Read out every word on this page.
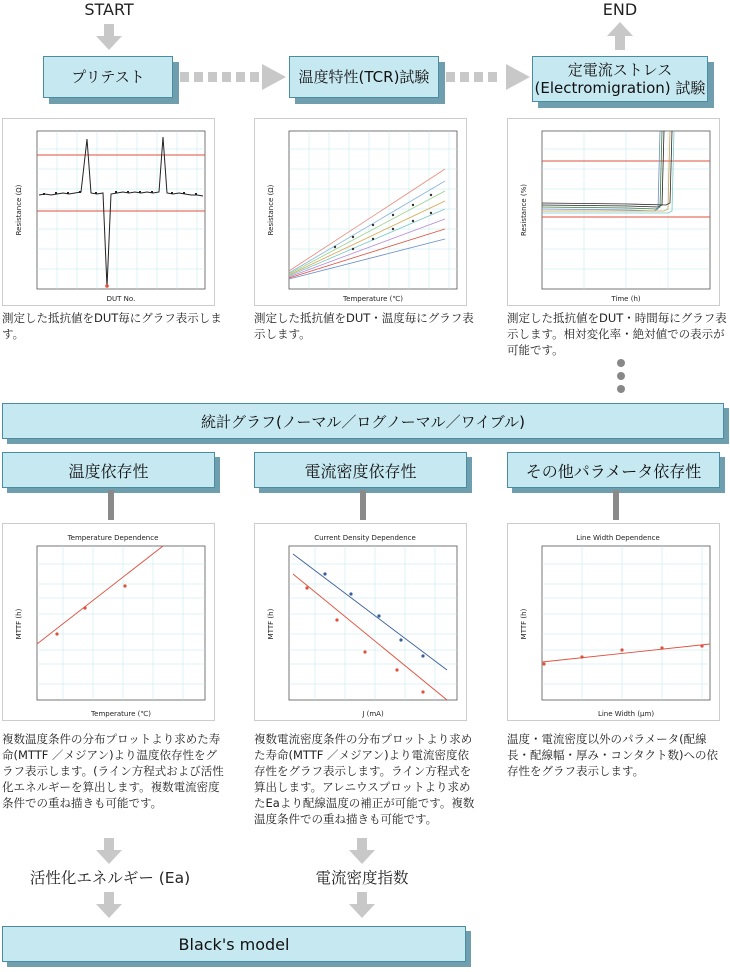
START	END
プリテスト	温度特性(TCR)試験	定電流ストレス
(Electromigration) 試験
DUT No.
Resistance (Ω)
Temperature (℃)
Resistance (Ω)
Time (h)
Resistance (%)
測定した抵抗値をDUT毎にグラフ表示します。
測定した抵抗値をDUT・温度毎にグラフ表示します。
測定した抵抗値をDUT・時間毎にグラフ表示します。相対変化率・絶対値での表示が可能です。
統計グラフ(ノーマル／ログノーマル／ワイブル)
温度依存性	電流密度依存性	その他パラメータ依存性
Temperature Dependence
Temperature (℃)
MTTF (h)
Current Density Dependence
J (mA)
MTTF (h)
Line Width Dependence
Line Width (μm)
MTTF (h)
複数温度条件の分布プロットより求めた寿命(MTTF ／メジアン)より温度依存性をグラフ表示します。(ライン方程式および活性化エネルギーを算出します。複数電流密度条件での重ね描きも可能です。
複数電流密度条件の分布プロットより求めた寿命(MTTF ／メジアン)より電流密度依存性をグラフ表示します。ライン方程式を算出します。アレニウスプロットより求めたEaより配線温度の補正が可能です。複数温度条件での重ね描きも可能です。
温度・電流密度以外のパラメータ(配線長・配線幅・厚み・コンタクト数)への依存性をグラフ表示します。
活性化エネルギー (Ea)	電流密度指数
Black's model
